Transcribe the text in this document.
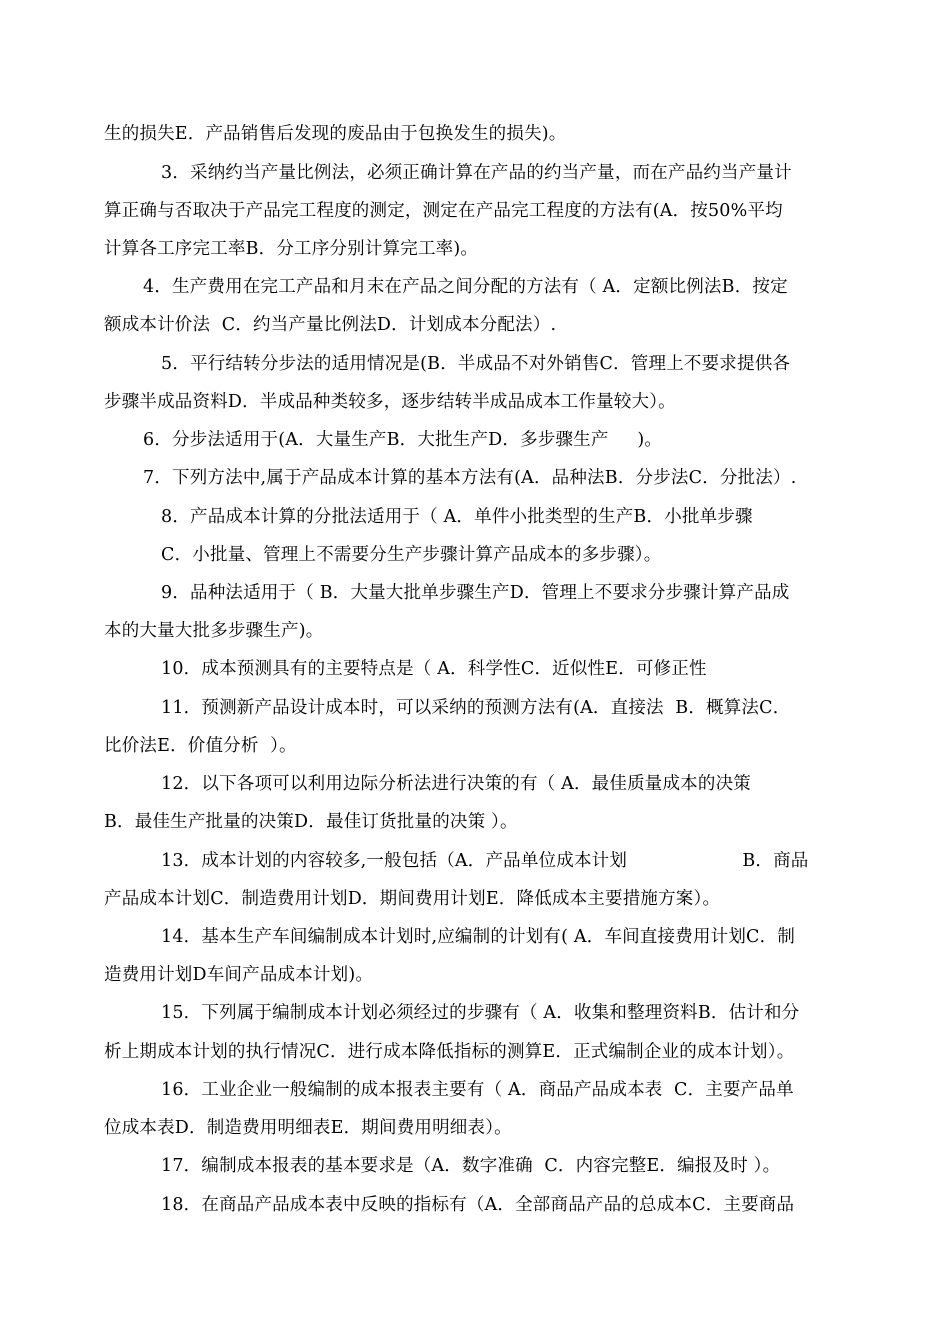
生的损失E．产品销售后发现的废品由于包换发生的损失)。
3．采纳约当产量比例法，必须正确计算在产品的约当产量，而在产品约当产量计
算正确与否取决于产品完工程度的测定，测定在产品完工程度的方法有(A．按50%平均
计算各工序完工率B．分工序分别计算完工率)。
4．生产费用在完工产品和月末在产品之间分配的方法有（ A．定额比例法B．按定
额成本计价法  C．约当产量比例法D．计划成本分配法）.
5．平行结转分步法的适用情况是(B．半成品不对外销售C．管理上不要求提供各
步骤半成品资料D．半成品种类较多，逐步结转半成品成本工作量较大）。
6．分步法适用于(A．大量生产B．大批生产D．多步骤生产     )。
7．下列方法中,属于产品成本计算的基本方法有(A．品种法B．分步法C．分批法）.
8．产品成本计算的分批法适用于（ A．单件小批类型的生产B．小批单步骤
C．小批量、管理上不需要分生产步骤计算产品成本的多步骤）。
9．品种法适用于（ B．大量大批单步骤生产D．管理上不要求分步骤计算产品成
本的大量大批多步骤生产)。
10．成本预测具有的主要特点是（ A．科学性C．近似性E．可修正性
11．预测新产品设计成本时，可以采纳的预测方法有(A．直接法  B．概算法C．
比价法E．价值分析  ）。
12．以下各项可以利用边际分析法进行决策的有（ A．最佳质量成本的决策
B．最佳生产批量的决策D．最佳订货批量的决策 ）。
13．成本计划的内容较多,一般包括（A．产品单位成本计划                    B．商品
产品成本计划C．制造费用计划D．期间费用计划E．降低成本主要措施方案）。
14．基本生产车间编制成本计划时,应编制的计划有( A．车间直接费用计划C．制
造费用计划D车间产品成本计划)。
15．下列属于编制成本计划必须经过的步骤有（ A．收集和整理资料B．估计和分
析上期成本计划的执行情况C．进行成本降低指标的测算E．正式编制企业的成本计划）。
16．工业企业一般编制的成本报表主要有（ A．商品产品成本表  C．主要产品单
位成本表D．制造费用明细表E．期间费用明细表）。
17．编制成本报表的基本要求是（A．数字准确  C．内容完整E．编报及时 ）。
18．在商品产品成本表中反映的指标有（A．全部商品产品的总成本C．主要商品
